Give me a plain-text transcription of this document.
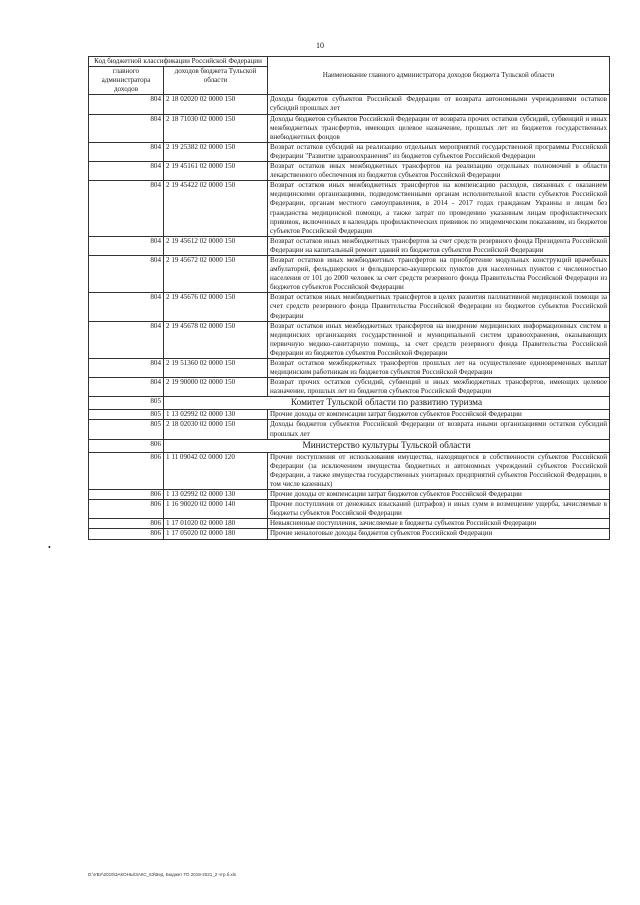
10
Код бюджетной классификации Российской Федерации		Наименование главного администратора доходов бюджета Тульской области
главного администратора доходов	доходов бюджета Тульской области	
804	2 18 02020 02 0000 150	Доходы бюджетов субъектов Российской Федерации от возврата автономными учреждениями остатков субсидий прошлых лет
804	2 18 71030 02 0000 150	Доходы бюджетов субъектов Российской Федерации от возврата прочих остатков субсидий, субвенций и иных межбюджетных трансфертов, имеющих целевое назначение, прошлых лет из бюджетов государственных внебюджетных фондов
804	2 19 25382 02 0000 150	Возврат остатков субсидий на реализацию отдельных мероприятий государственной программы Российской Федерации "Развитие здравоохранения" из бюджетов субъектов Российской Федерации
804	2 19 45161 02 0000 150	Возврат остатков иных межбюджетных трансфертов на реализацию отдельных полномочий в области лекарственного обеспечения из бюджетов субъектов Российской Федерации
804	2 19 45422 02 0000 150	Возврат остатков иных межбюджетных трансфертов на компенсацию расходов, связанных с оказанием медицинскими организациями, подведомственными органам исполнительной власти субъектов Российской Федерации, органам местного самоуправления, в 2014 - 2017 годах гражданам Украины и лицам без гражданства медицинской помощи, а также затрат по проведению указанным лицам профилактических прививок, включенных в календарь профилактических прививок по эпидемическим показаниям, из бюджетов субъектов Российской Федерации
804	2 19 45612 02 0000 150	Возврат остатков иных межбюджетных трансфертов за счет средств резервного фонда Президента Российской Федерации на капитальный ремонт зданий из бюджетов субъектов Российской Федерации
804	2 19 45672 02 0000 150	Возврат остатков иных межбюджетных трансфертов на приобретение модульных конструкций врачебных амбулаторий, фельдшерских и фельдшерско-акушерских пунктов для населенных пунктов с численностью населения от 101 до 2000 человек за счет средств резервного фонда Правительства Российской Федерации из бюджетов субъектов Российской Федерации
804	2 19 45676 02 0000 150	Возврат остатков иных межбюджетных трансфертов в целях развития паллиативной медицинской помощи за счет средств резервного фонда Правительства Российской Федерации из бюджетов субъектов Российской Федерации
804	2 19 45678 02 0000 150	Возврат остатков иных межбюджетных трансфертов на внедрение медицинских информационных систем в медицинских организациях государственной и муниципальной систем здравоохранения, оказывающих первичную медико-санитарную помощь, за счет средств резервного фонда Правительства Российской Федерации из бюджетов субъектов Российской Федерации
804	2 19 51360 02 0000 150	Возврат остатков межбюджетных трансфертов прошлых лет на осуществление единовременных выплат медицинским работникам из бюджетов субъектов Российской Федерации
804	2 19 90000 02 0000 150	Возврат прочих остатков субсидий, субвенций и иных межбюджетных трансфертов, имеющих целевое назначение, прошлых лет из бюджетов субъектов Российской Федерации
805	Комитет Тульской области по развитию туризма	
805	1 13 02992 02 0000 130	Прочие доходы от компенсации затрат бюджетов субъектов Российской Федерации
805	2 18 02030 02 0000 150	Доходы бюджетов субъектов Российской Федерации от возврата иными организациями остатков субсидий прошлых лет
806	Министерство культуры Тульской области	
806	1 11 09042 02 0000 120	Прочие поступления от использования имущества, находящегося в собственности субъектов Российской Федерации (за исключением имущества бюджетных и автономных учреждений субъектов Российской Федерации, а также имущества государственных унитарных предприятий субъектов Российской Федерации, в том числе казенных)
806	1 13 02992 02 0000 130	Прочие доходы от компенсации затрат бюджетов субъектов Российской Федерации
806	1 16 90020 02 0000 140	Прочие поступления от денежных взысканий (штрафов) и иных сумм в возмещение ущерба, зачисляемые в бюджеты субъектов Российской Федерации
806	1 17 01020 02 0000 180	Невыясненные поступления, зачисляемые в бюджеты субъектов Российской Федерации
806	1 17 05020 02 0000 180	Прочие неналоговые доходы бюджетов субъектов Российской Федерации
•
D:\УБУ\2019\ЗАКОНЫ\ЗАКС_63\Вед. Бюджет ТО 2019-2021_2 чтр.б.xls
